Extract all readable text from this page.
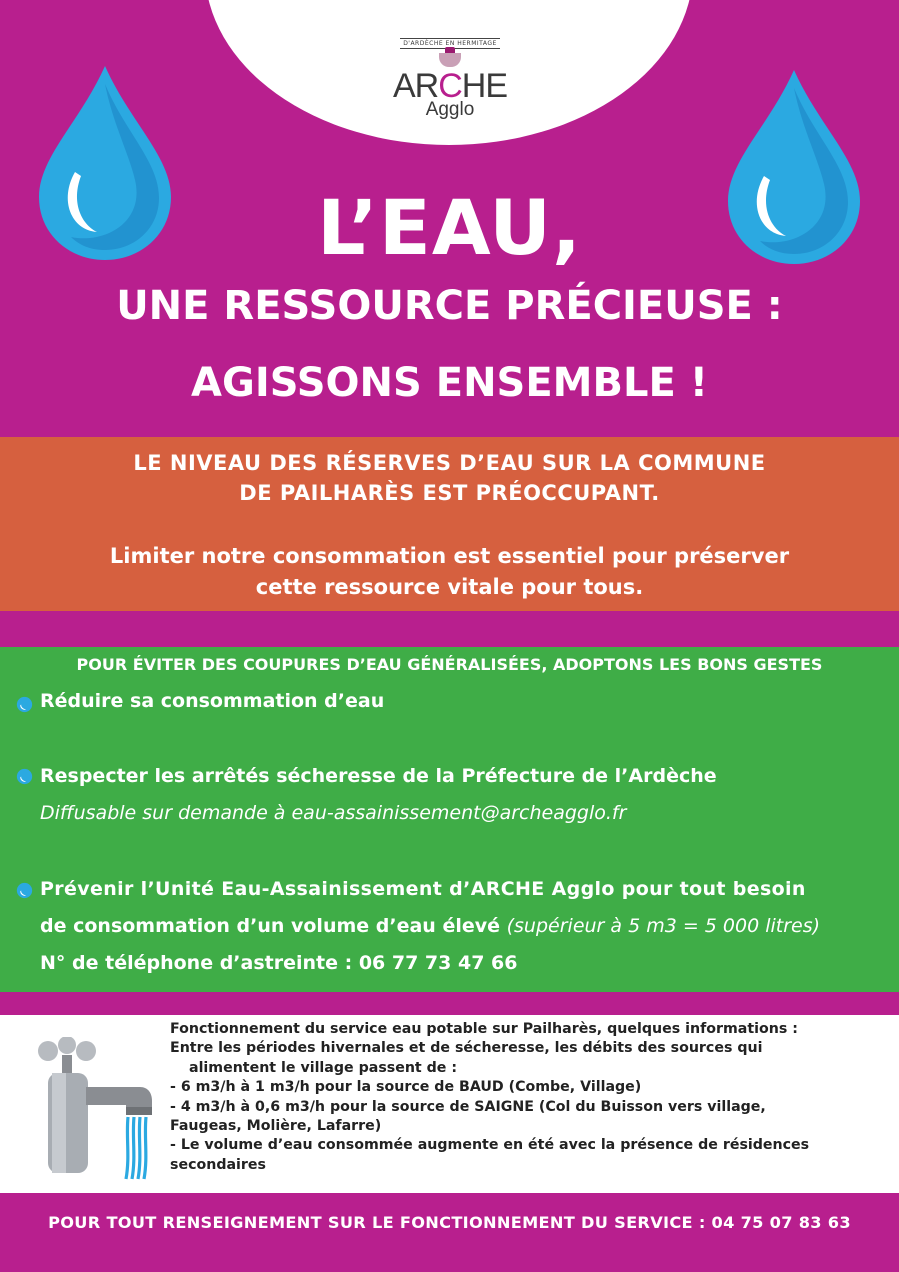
D'ARDÈCHE EN HERMITAGE
ARCHE
Agglo
L’EAU,
UNE RESSOURCE PRÉCIEUSE :
AGISSONS ENSEMBLE !
LE NIVEAU DES RÉSERVES D’EAU SUR LA COMMUNE
DE PAILHARÈS EST PRÉOCCUPANT.
Limiter notre consommation est essentiel pour préserver
cette ressource vitale pour tous.
POUR ÉVITER DES COUPURES D’EAU GÉNÉRALISÉES, ADOPTONS LES BONS GESTES
Réduire sa consommation d’eau
Respecter les arrêtés sécheresse de la Préfecture de l’Ardèche
Diffusable sur demande à eau-assainissement@archeagglo.fr
Prévenir l’Unité Eau-Assainissement d’ARCHE Agglo pour tout besoin
de consommation d’un volume d’eau élevé (supérieur à 5 m3 = 5 000 litres)
N° de téléphone d’astreinte : 06 77 73 47 66
Fonctionnement du service eau potable sur Pailharès, quelques informations :
Entre les périodes hivernales et de sécheresse, les débits des sources qui
alimentent le village passent de :
- 6 m3/h à 1 m3/h pour la source de BAUD (Combe, Village)
- 4 m3/h à 0,6 m3/h pour la source de SAIGNE (Col du Buisson vers village,
Faugeas, Molière, Lafarre)
- Le volume d’eau consommée augmente en été avec la présence de résidences
secondaires
POUR TOUT RENSEIGNEMENT SUR LE FONCTIONNEMENT DU SERVICE : 04 75 07 83 63
